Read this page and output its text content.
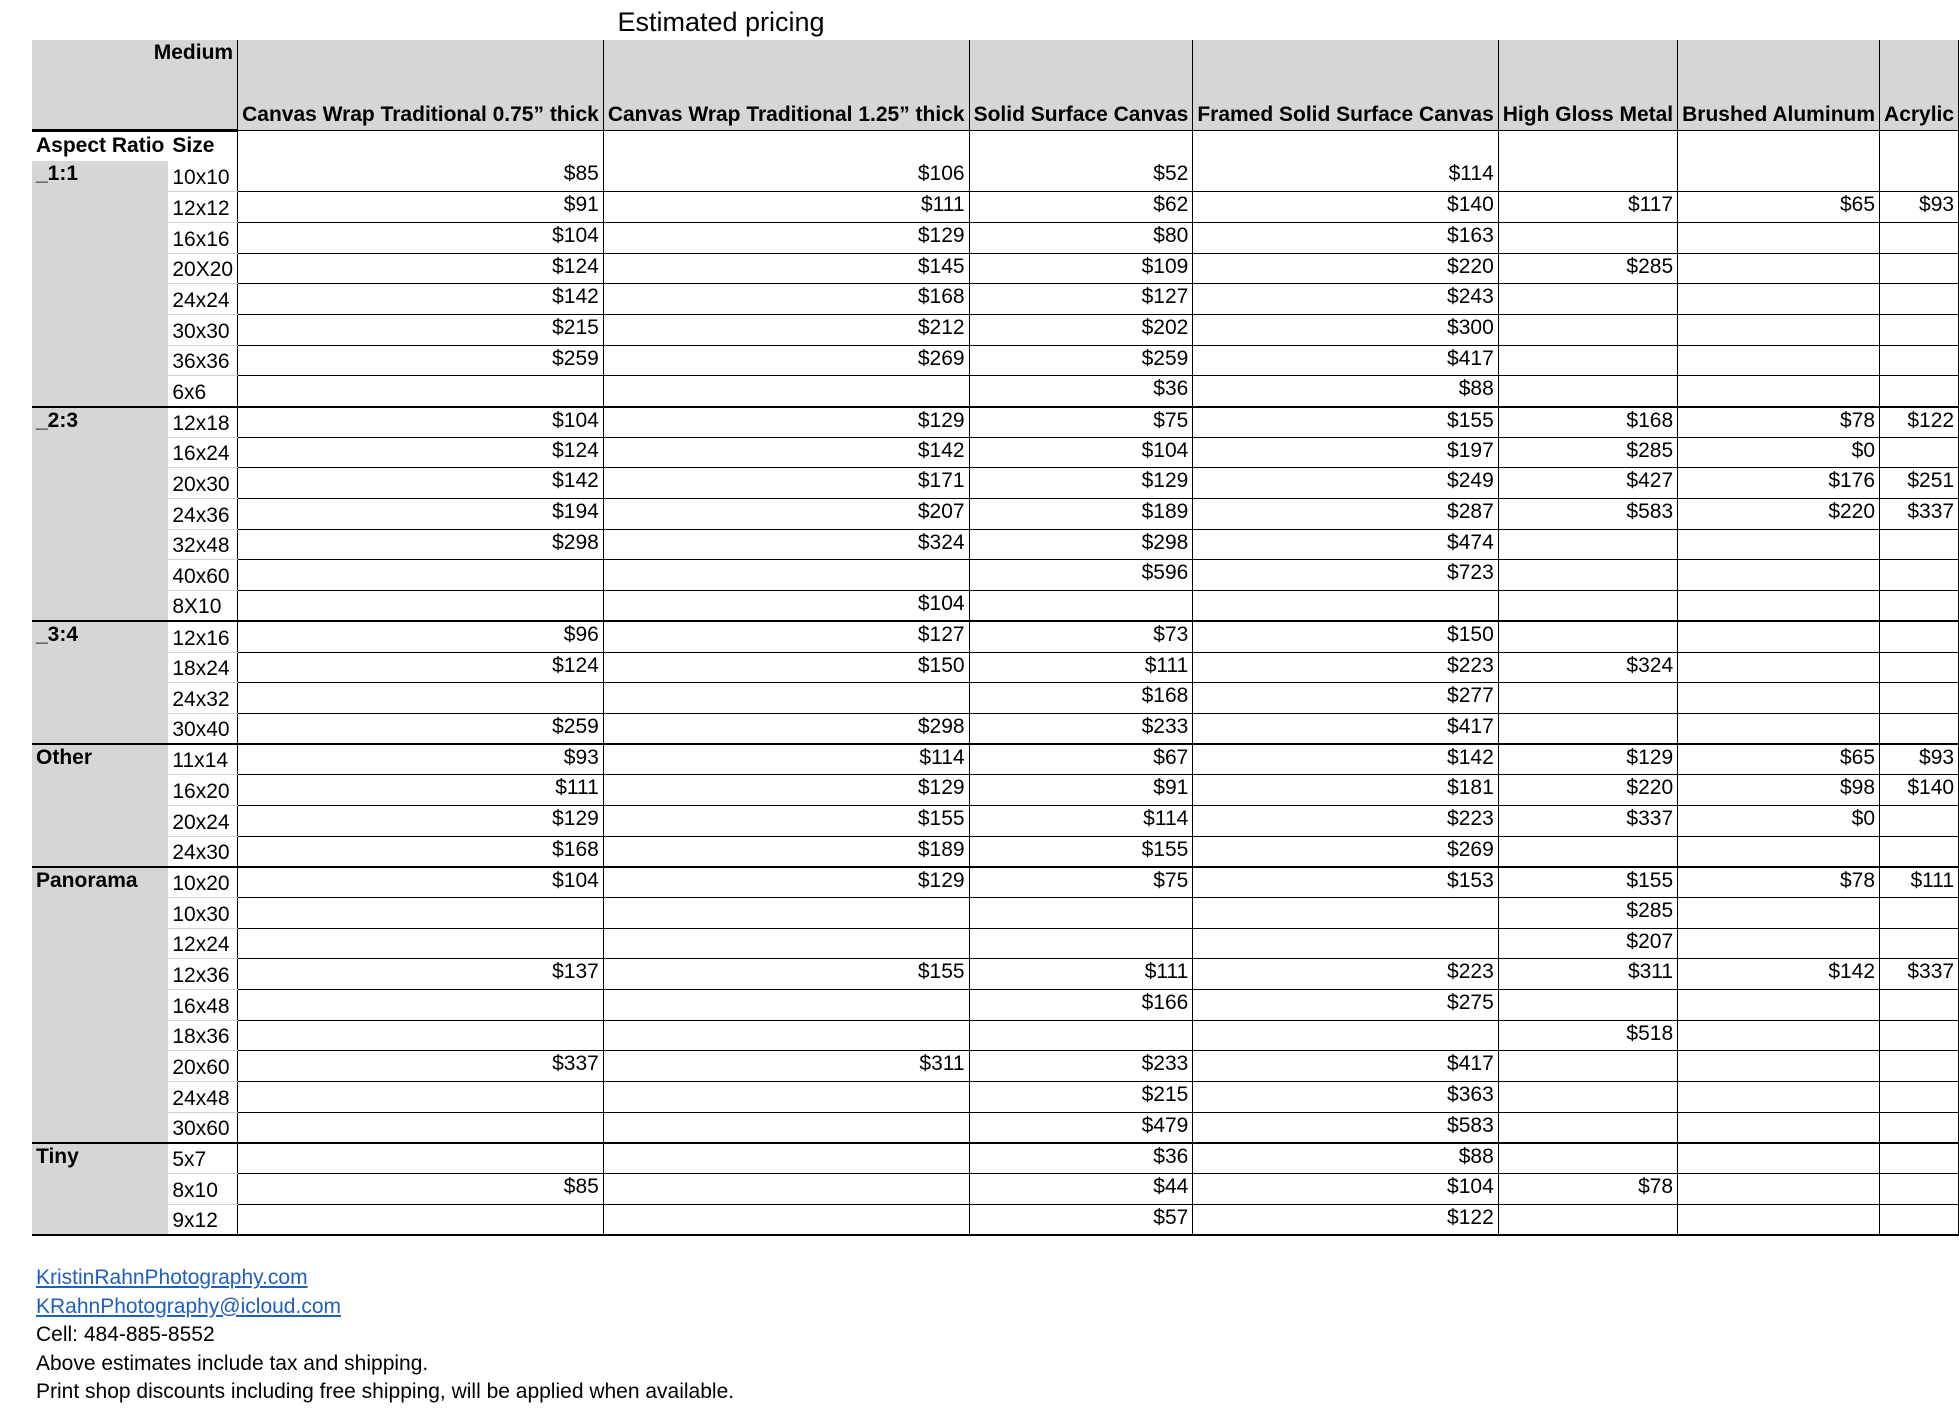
Estimated pricing
Medium		Canvas Wrap Traditional 0.75” thick	Canvas Wrap Traditional 1.25” thick	Solid Surface Canvas	Framed Solid Surface Canvas	High Gloss Metal	Brushed Aluminum	Acrylic
Aspect Ratio	Size							
_1:1	10x10	$85	$106	$52	$114			
	12x12	$91	$111	$62	$140	$117	$65	$93
	16x16	$104	$129	$80	$163			
	20X20	$124	$145	$109	$220	$285		
	24x24	$142	$168	$127	$243			
	30x30	$215	$212	$202	$300			
	36x36	$259	$269	$259	$417			
	6x6			$36	$88			
_2:3	12x18	$104	$129	$75	$155	$168	$78	$122
	16x24	$124	$142	$104	$197	$285	$0	
	20x30	$142	$171	$129	$249	$427	$176	$251
	24x36	$194	$207	$189	$287	$583	$220	$337
	32x48	$298	$324	$298	$474			
	40x60			$596	$723			
	8X10		$104					
_3:4	12x16	$96	$127	$73	$150			
	18x24	$124	$150	$111	$223	$324		
	24x32			$168	$277			
	30x40	$259	$298	$233	$417			
Other	11x14	$93	$114	$67	$142	$129	$65	$93
	16x20	$111	$129	$91	$181	$220	$98	$140
	20x24	$129	$155	$114	$223	$337	$0	
	24x30	$168	$189	$155	$269			
Panorama	10x20	$104	$129	$75	$153	$155	$78	$111
	10x30					$285		
	12x24					$207		
	12x36	$137	$155	$111	$223	$311	$142	$337
	16x48			$166	$275			
	18x36					$518		
	20x60	$337	$311	$233	$417			
	24x48			$215	$363			
	30x60			$479	$583			
Tiny	5x7			$36	$88			
	8x10	$85		$44	$104	$78		
	9x12			$57	$122			
KristinRahnPhotography.com
KRahnPhotography@icloud.com
Cell: 484-885-8552
Above estimates include tax and shipping.
Print shop discounts including free shipping, will be applied when available.
